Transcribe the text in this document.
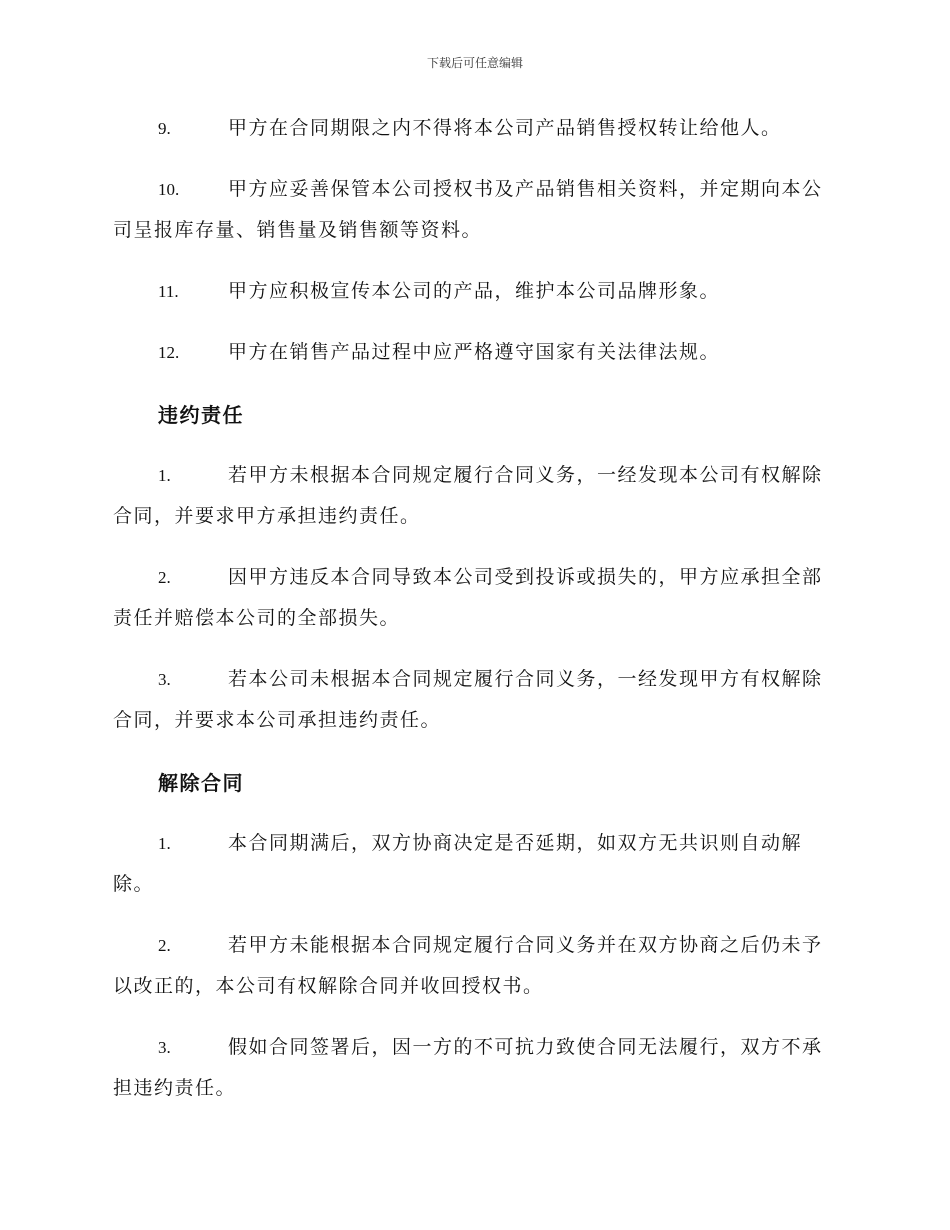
下载后可任意编辑
9.	甲方在合同期限之内不得将本公司产品销售授权转让给他人。
10.	甲方应妥善保管本公司授权书及产品销售相关资料，并定期向本公司呈报库存量、销售量及销售额等资料。
11.	甲方应积极宣传本公司的产品，维护本公司品牌形象。
12.	甲方在销售产品过程中应严格遵守国家有关法律法规。
违约责任
1.	若甲方未根据本合同规定履行合同义务，一经发现本公司有权解除合同，并要求甲方承担违约责任。
2.	因甲方违反本合同导致本公司受到投诉或损失的，甲方应承担全部责任并赔偿本公司的全部损失。
3.	若本公司未根据本合同规定履行合同义务，一经发现甲方有权解除合同，并要求本公司承担违约责任。
解除合同
1.	本合同期满后，双方协商决定是否延期，如双方无共识则自动解除。
2.	若甲方未能根据本合同规定履行合同义务并在双方协商之后仍未予以改正的，本公司有权解除合同并收回授权书。
3.	假如合同签署后，因一方的不可抗力致使合同无法履行，双方不承担违约责任。
